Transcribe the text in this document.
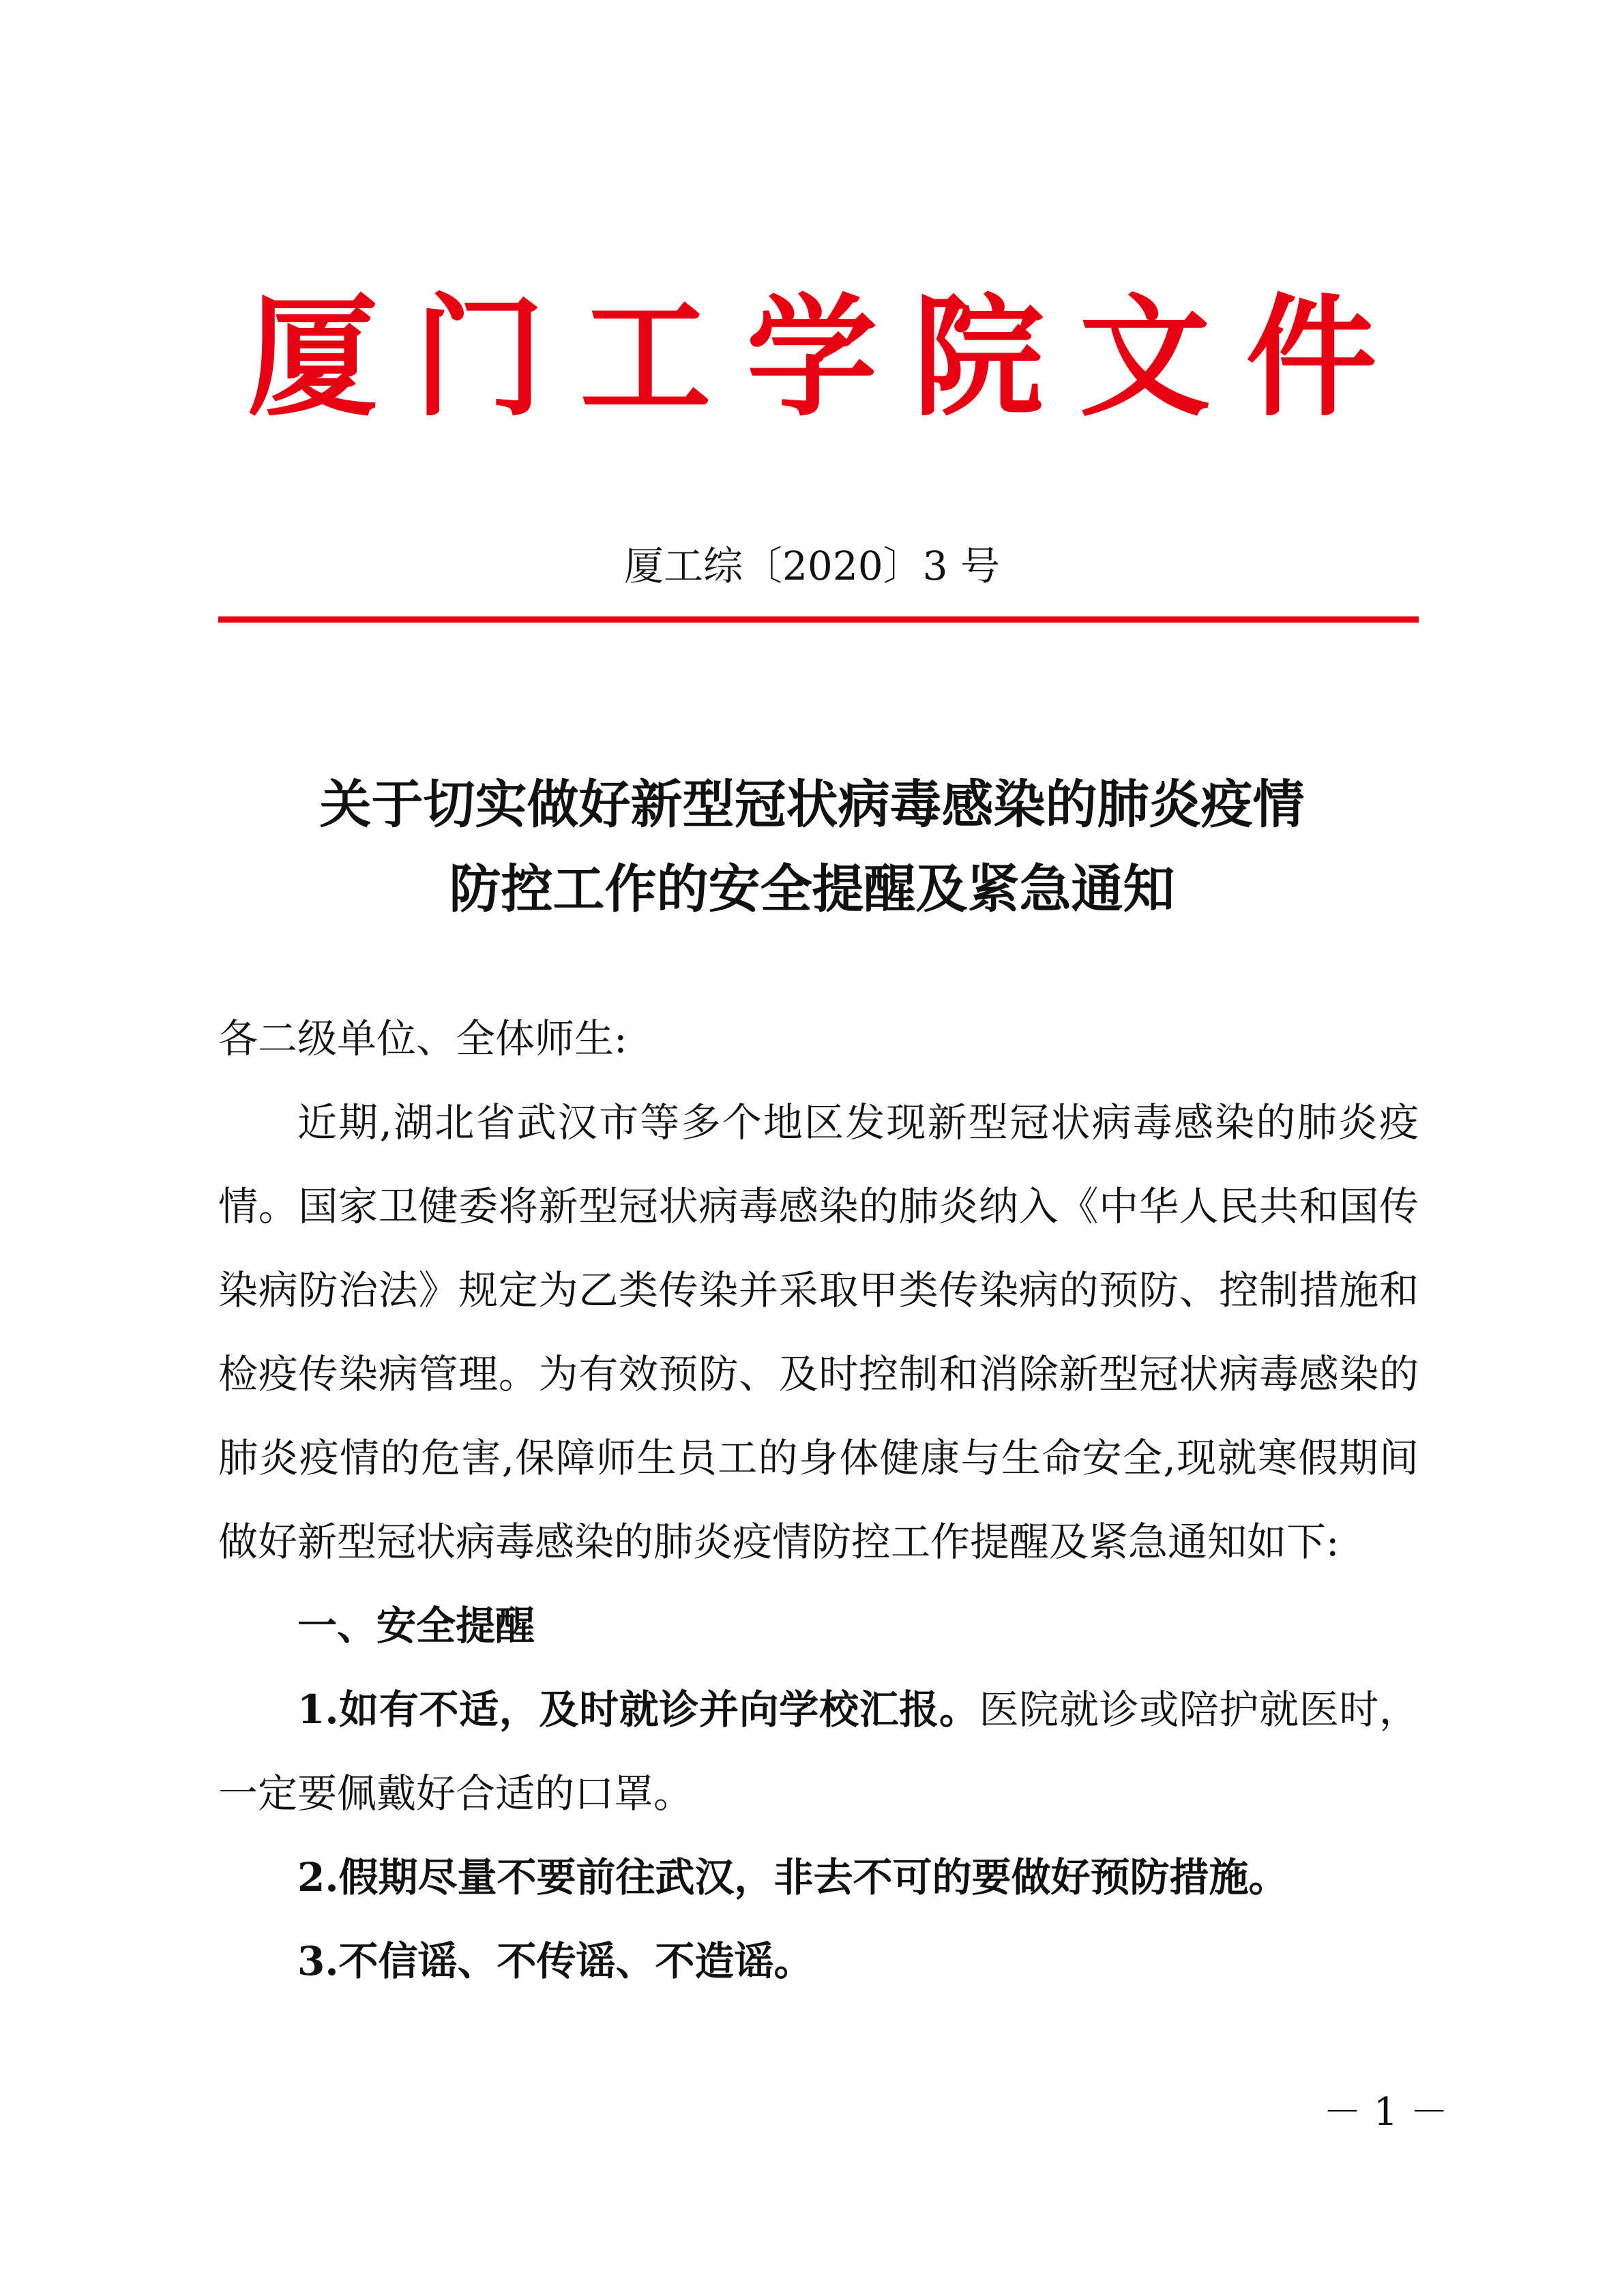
厦门工学院文件
厦工综〔2020〕3 号
关于切实做好新型冠状病毒感染的肺炎疫情
防控工作的安全提醒及紧急通知

各二级单位、全体师生:

近期,湖北省武汉市等多个地区发现新型冠状病毒感染的肺炎疫情。国家卫健委将新型冠状病毒感染的肺炎纳入《中华人民共和国传染病防治法》规定为乙类传染并采取甲类传染病的预防、控制措施和检疫传染病管理。为有效预防、及时控制和消除新型冠状病毒感染的肺炎疫情的危害,保障师生员工的身体健康与生命安全,现就寒假期间做好新型冠状病毒感染的肺炎疫情防控工作提醒及紧急通知如下:

一、安全提醒

1.如有不适，及时就诊并向学校汇报。医院就诊或陪护就医时，一定要佩戴好合适的口罩。

2.假期尽量不要前往武汉，非去不可的要做好预防措施。

3.不信谣、不传谣、不造谣。

－ 1 －
